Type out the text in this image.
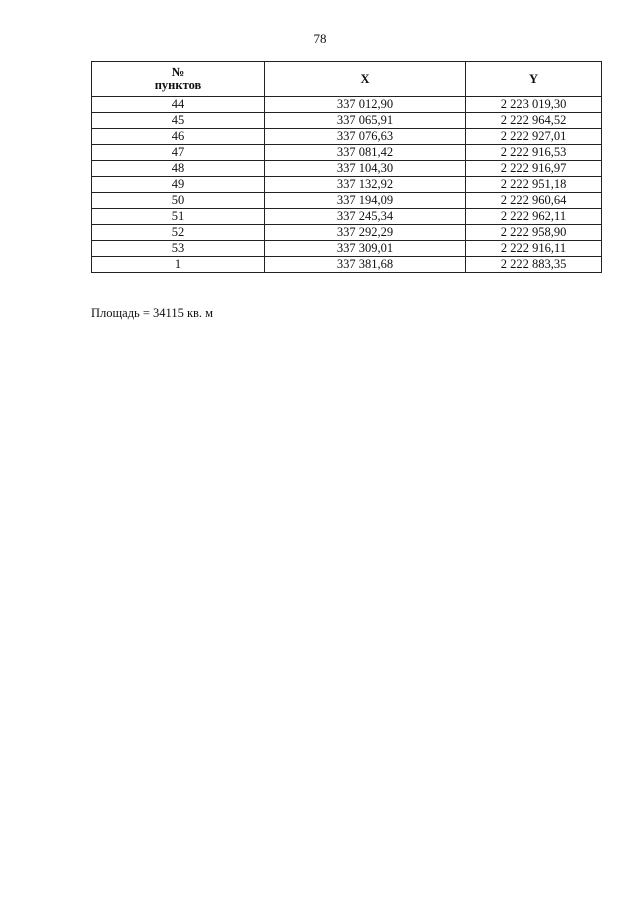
78
№
пунктов	X	Y
44	337 012,90	2 223 019,30
45	337 065,91	2 222 964,52
46	337 076,63	2 222 927,01
47	337 081,42	2 222 916,53
48	337 104,30	2 222 916,97
49	337 132,92	2 222 951,18
50	337 194,09	2 222 960,64
51	337 245,34	2 222 962,11
52	337 292,29	2 222 958,90
53	337 309,01	2 222 916,11
1	337 381,68	2 222 883,35
Площадь = 34115 кв. м
